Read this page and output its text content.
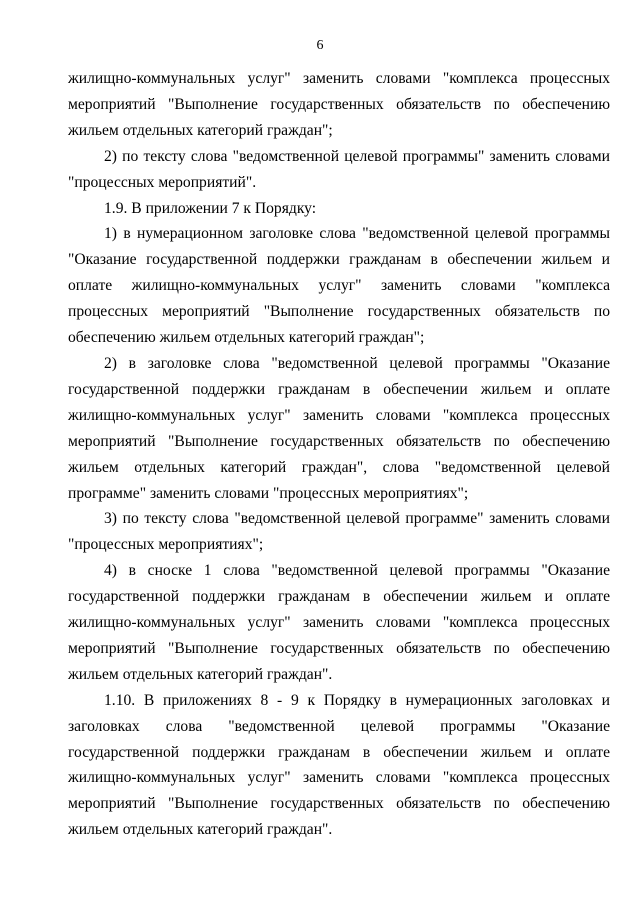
6

жилищно-коммунальных услуг" заменить словами "комплекса процессных мероприятий "Выполнение государственных обязательств по обеспечению жильем отдельных категорий граждан";

2) по тексту слова "ведомственной целевой программы" заменить словами "процессных мероприятий".

1.9. В приложении 7 к Порядку:

1) в нумерационном заголовке слова "ведомственной целевой программы "Оказание государственной поддержки гражданам в обеспечении жильем и оплате жилищно-коммунальных услуг" заменить словами "комплекса процессных мероприятий "Выполнение государственных обязательств по обеспечению жильем отдельных категорий граждан";

2) в заголовке слова "ведомственной целевой программы "Оказание государственной поддержки гражданам в обеспечении жильем и оплате жилищно-коммунальных услуг" заменить словами "комплекса процессных мероприятий "Выполнение государственных обязательств по обеспечению жильем отдельных категорий граждан", слова "ведомственной целевой программе" заменить словами "процессных мероприятиях";

3) по тексту слова "ведомственной целевой программе" заменить словами "процессных мероприятиях";

4) в сноске 1 слова "ведомственной целевой программы "Оказание государственной поддержки гражданам в обеспечении жильем и оплате жилищно-коммунальных услуг" заменить словами "комплекса процессных мероприятий "Выполнение государственных обязательств по обеспечению жильем отдельных категорий граждан".

1.10. В приложениях 8 - 9 к Порядку в нумерационных заголовках и заголовках слова "ведомственной целевой программы "Оказание государственной поддержки гражданам в обеспечении жильем и оплате жилищно-коммунальных услуг" заменить словами "комплекса процессных мероприятий "Выполнение государственных обязательств по обеспечению жильем отдельных категорий граждан".
